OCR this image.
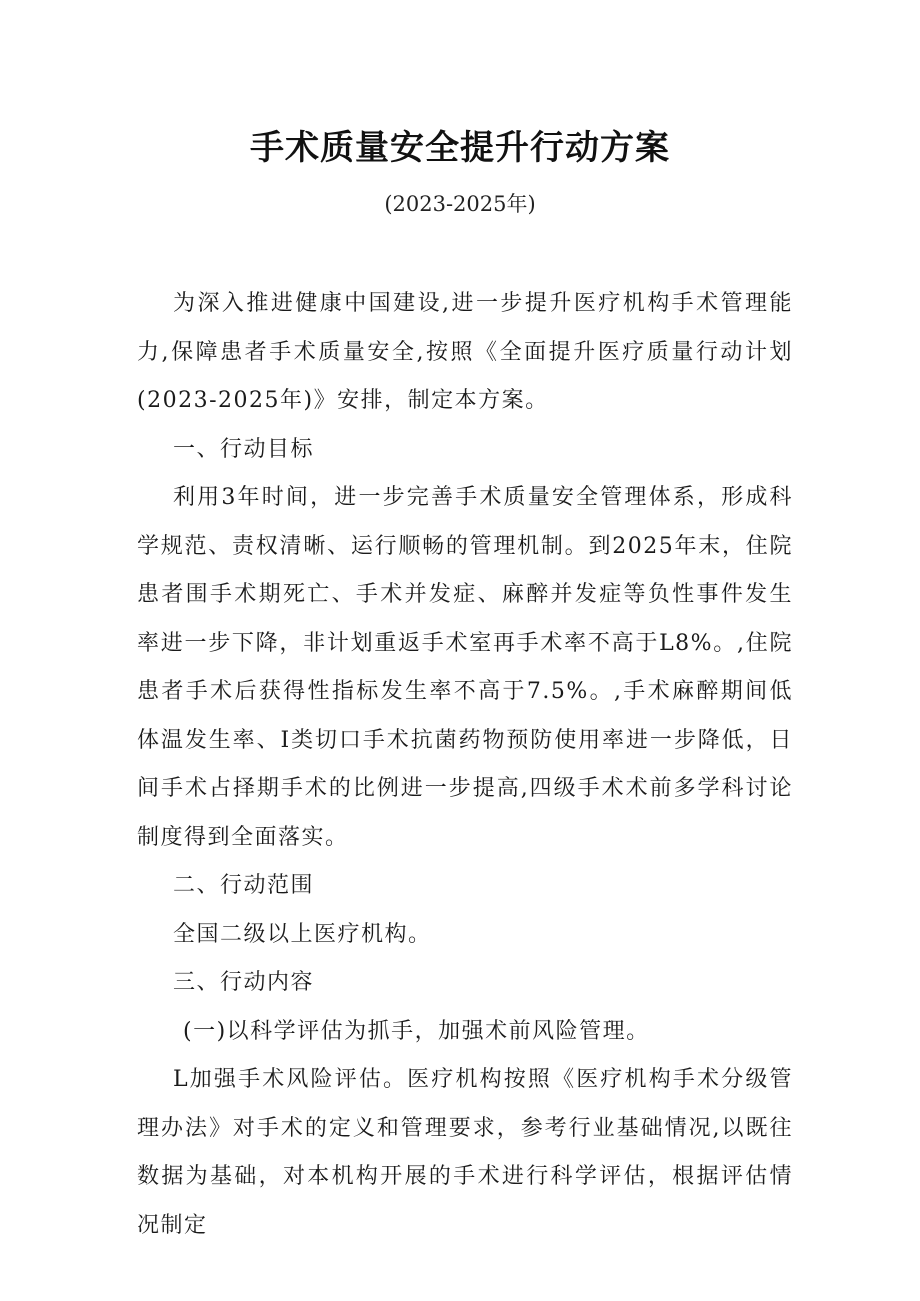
手术质量安全提升行动方案
(2023-2025年)

为深入推进健康中国建设,进一步提升医疗机构手术管理能力,保障患者手术质量安全,按照《全面提升医疗质量行动计划(2023-2025年)》安排，制定本方案。

一、行动目标

利用3年时间，进一步完善手术质量安全管理体系，形成科学规范、责权清晰、运行顺畅的管理机制。到2025年末，住院患者围手术期死亡、手术并发症、麻醉并发症等负性事件发生率进一步下降，非计划重返手术室再手术率不高于L8%。,住院患者手术后获得性指标发生率不高于7.5%。,手术麻醉期间低体温发生率、I类切口手术抗菌药物预防使用率进一步降低，日间手术占择期手术的比例进一步提高,四级手术术前多学科讨论制度得到全面落实。

二、行动范围

全国二级以上医疗机构。

三、行动内容

(一)以科学评估为抓手，加强术前风险管理。

L加强手术风险评估。医疗机构按照《医疗机构手术分级管理办法》对手术的定义和管理要求，参考行业基础情况,以既往数据为基础，对本机构开展的手术进行科学评估，根据评估情况制定
